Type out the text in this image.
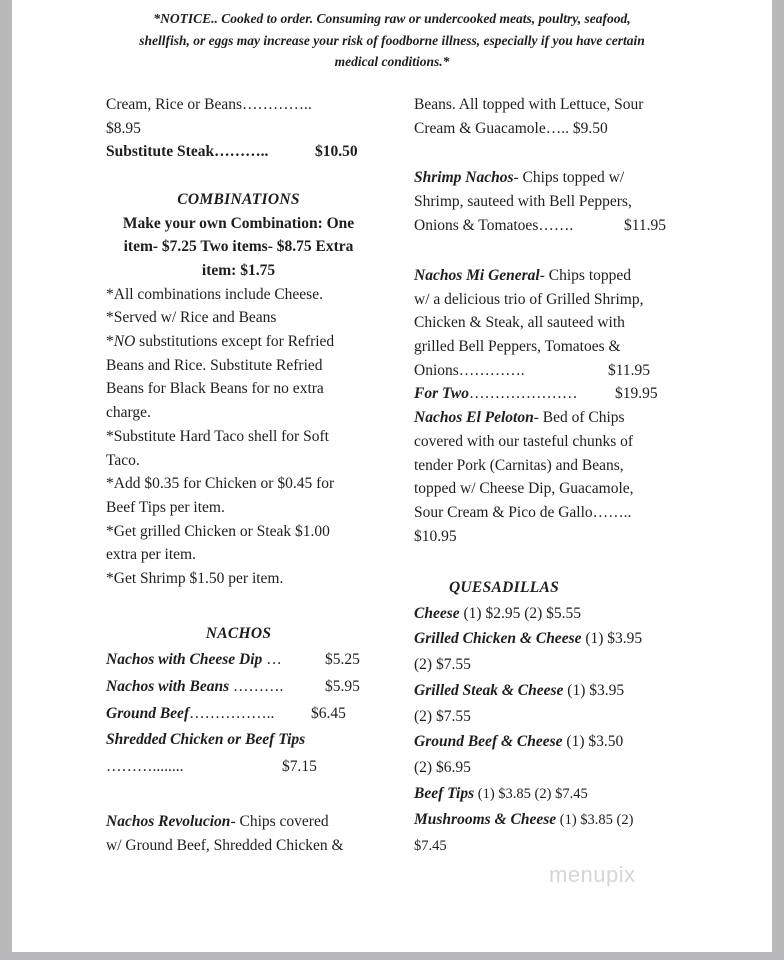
*NOTICE.. Cooked to order. Consuming raw or undercooked meats, poultry, seafood,
shellfish, or eggs may increase your risk of foodborne illness, especially if you have certain
medical conditions.*
Cream, Rice or Beans…………..
$8.95
Substitute Steak………..	$10.50
COMBINATIONS
Make your own Combination: One
item- $7.25 Two items- $8.75 Extra
item: $1.75
*All combinations include Cheese.
*Served w/ Rice and Beans
*NO substitutions except for Refried
Beans and Rice. Substitute Refried
Beans for Black Beans for no extra
charge.
*Substitute Hard Taco shell for Soft
Taco.
*Add $0.35 for Chicken or $0.45 for
Beef Tips per item.
*Get grilled Chicken or Steak $1.00
extra per item.
*Get Shrimp $1.50 per item.
NACHOS
Nachos with Cheese Dip …	$5.25
Nachos with Beans ……….	$5.95
Ground Beef…………….. $6.45
Shredded Chicken or Beef Tips
………........	$7.15
Nachos Revolucion- Chips covered
w/ Ground Beef, Shredded Chicken &
Beans. All topped with Lettuce, Sour
Cream & Guacamole….. $9.50
Shrimp Nachos- Chips topped w/
Shrimp, sauteed with Bell Peppers,
Onions & Tomatoes…….	$11.95
Nachos Mi General- Chips topped
w/ a delicious trio of Grilled Shrimp,
Chicken & Steak, all sauteed with
grilled Bell Peppers, Tomatoes &
Onions………….	$11.95
For Two………………… $19.95
Nachos El Peloton- Bed of Chips
covered with our tasteful chunks of
tender Pork (Carnitas) and Beans,
topped w/ Cheese Dip, Guacamole,
Sour Cream & Pico de Gallo……..
$10.95
QUESADILLAS
Cheese (1) $2.95 (2) $5.55
Grilled Chicken & Cheese (1) $3.95
(2) $7.55
Grilled Steak & Cheese (1) $3.95
(2) $7.55
Ground Beef & Cheese (1) $3.50
(2) $6.95
Beef Tips (1) $3.85 (2) $7.45
Mushrooms & Cheese (1) $3.85 (2)
$7.45
menupix
